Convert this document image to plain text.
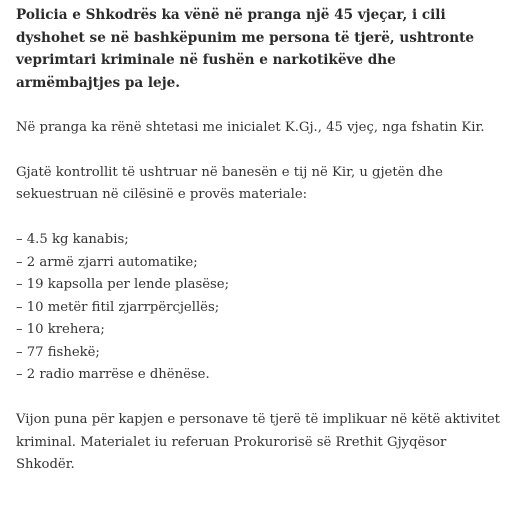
Policia e Shkodrës ka vënë në pranga një 45 vjeçar, i cili dyshohet se në bashkëpunim me persona të tjerë, ushtronte veprimtari kriminale në fushën e narkotikëve dhe armëmbajtjes pa leje.

Në pranga ka rënë shtetasi me inicialet K.Gj., 45 vjeç, nga fshatin Kir.

Gjatë kontrollit të ushtruar në banesën e tij në Kir, u gjetën dhe sekuestruan në cilësinë e provës materiale:

– 4.5 kg kanabis;
– 2 armë zjarri automatike;
– 19 kapsolla per lende plasëse;
– 10 metër fitil zjarrpërcjellës;
– 10 krehera;
– 77 fishekë;
– 2 radio marrëse e dhënëse.

Vijon puna për kapjen e personave të tjerë të implikuar në këtë aktivitet kriminal. Materialet iu referuan Prokurorisë së Rrethit Gjyqësor Shkodër.
